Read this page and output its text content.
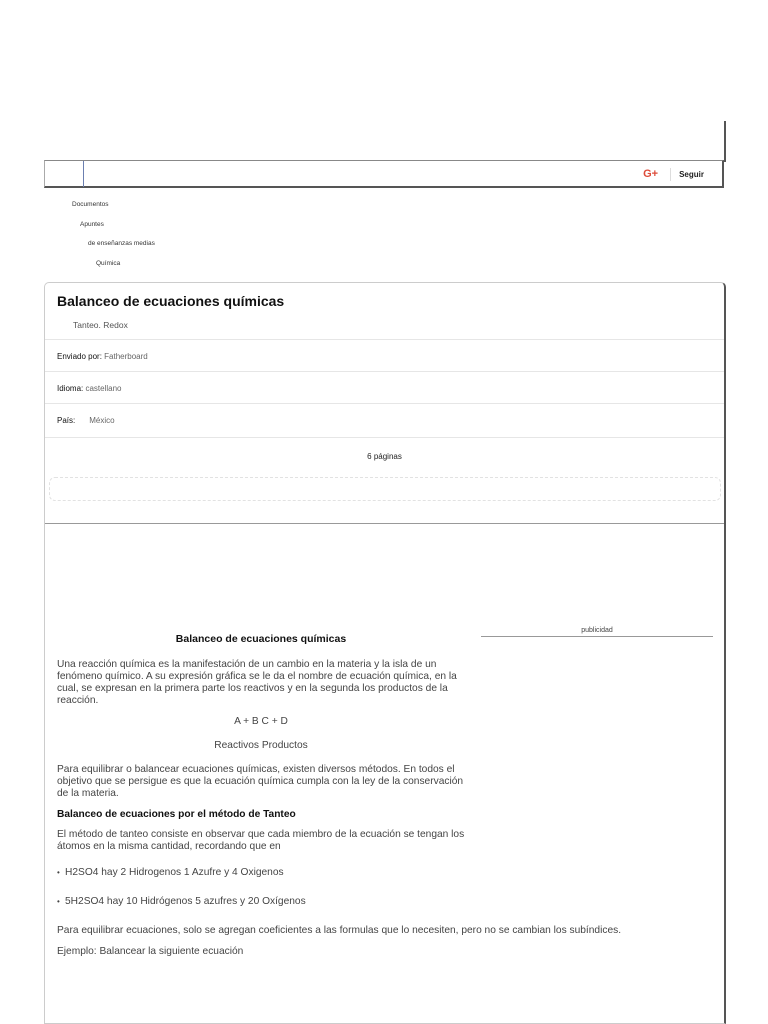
G+	Seguir
Documentos
Apuntes
de enseñanzas medias
Química
Balanceo de ecuaciones químicas
Tanteo. Redox
Enviado por: Fatherboard
Idioma: castellano
País: México
6 páginas
Balanceo de ecuaciones químicas

Una reacción química es la manifestación de un cambio en la materia y la isla de un fenómeno químico. A su expresión gráfica se le da el nombre de ecuación química, en la cual, se expresan en la primera parte los reactivos y en la segunda los productos de la reacción.

A + B C + D

Reactivos Productos

Para equilibrar o balancear ecuaciones químicas, existen diversos métodos. En todos el objetivo que se persigue es que la ecuación química cumpla con la ley de la conservación de la materia.

Balanceo de ecuaciones por el método de Tanteo

El método de tanteo consiste en observar que cada miembro de la ecuación se tengan los átomos en la misma cantidad, recordando que en

• H2SO4 hay 2 Hidrogenos 1 Azufre y 4 Oxigenos
• 5H2SO4 hay 10 Hidrógenos 5 azufres y 20 Oxígenos

Para equilibrar ecuaciones, solo se agregan coeficientes a las formulas que lo necesiten, pero no se cambian los subíndices.

Ejemplo: Balancear la siguiente ecuación

publicidad
